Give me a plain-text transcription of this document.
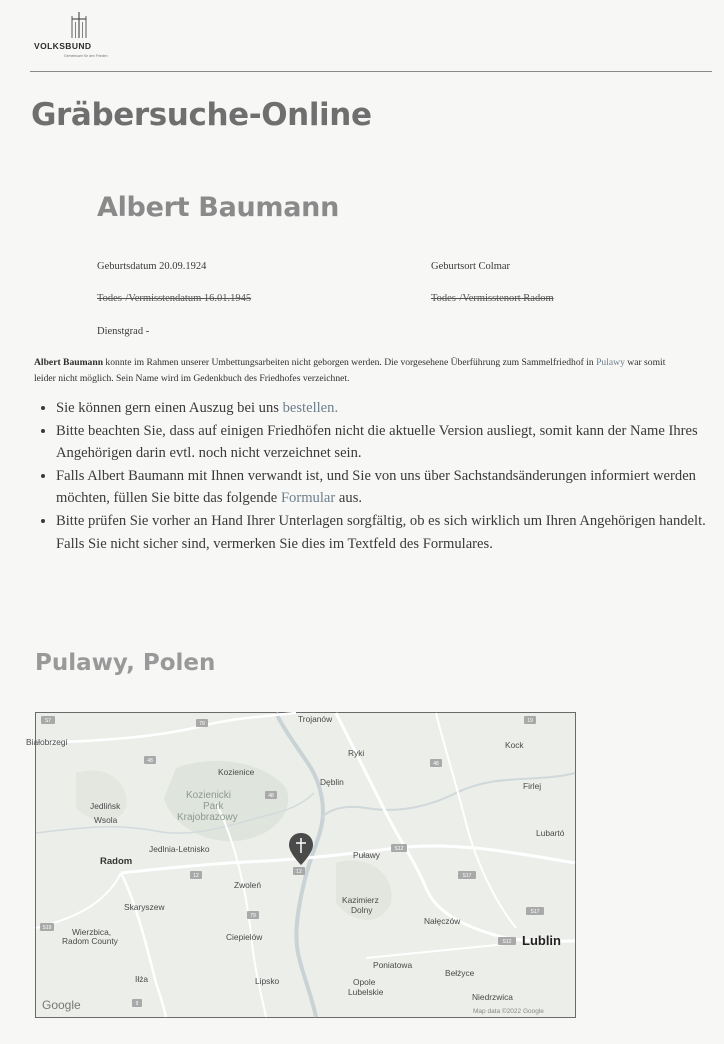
VOLKSBUND
Gemeinsam für den Frieden
Gräbersuche-Online
Albert Baumann
Geburtsdatum 20.09.1924	Geburtsort Colmar
Todes-/Vermisstendatum 16.01.1945	Todes-/Vermisstenort Radom
Dienstgrad -

Albert Baumann konnte im Rahmen unserer Umbettungsarbeiten nicht geborgen werden. Die vorgesehene Überführung zum Sammelfriedhof in Pulawy war somit leider nicht möglich. Sein Name wird im Gedenkbuch des Friedhofes verzeichnet.

• Sie können gern einen Auszug bei uns bestellen.
• Bitte beachten Sie, dass auf einigen Friedhöfen nicht die aktuelle Version ausliegt, somit kann der Name Ihres Angehörigen darin evtl. noch nicht verzeichnet sein.
• Falls Albert Baumann mit Ihnen verwandt ist, und Sie von uns über Sachstandsänderungen informiert werden möchten, füllen Sie bitte das folgende Formular aus.
• Bitte prüfen Sie vorher an Hand Ihrer Unterlagen sorgfältig, ob es sich wirklich um Ihren Angehörigen handelt. Falls Sie nicht sicher sind, vermerken Sie dies im Textfeld des Formulares.
Pulawy, Polen
S7	79	19
48	48
48
12
12
S12
S17
79
S12
S17
S19
9
Trojanów
Białobrzegi
Ryki
Kock
Kozienice
Dęblin	Firlej
Kozienicki
Park
Krajobrazowy
Jedlińsk
Wsola
Lubartó
Jedlnia-Letnisko
Radom
Puławy
Zwoleń
Kazimierz
Dolny
Skaryszew
Nałęczów
Wierzbica,
Radom County	Ciepielów	Lublin
Poniatowa
Bełżyce
Iłża	Lipsko	Opole
Lubelskie	Niedrzwica
Google	Map data ©2022 Google
